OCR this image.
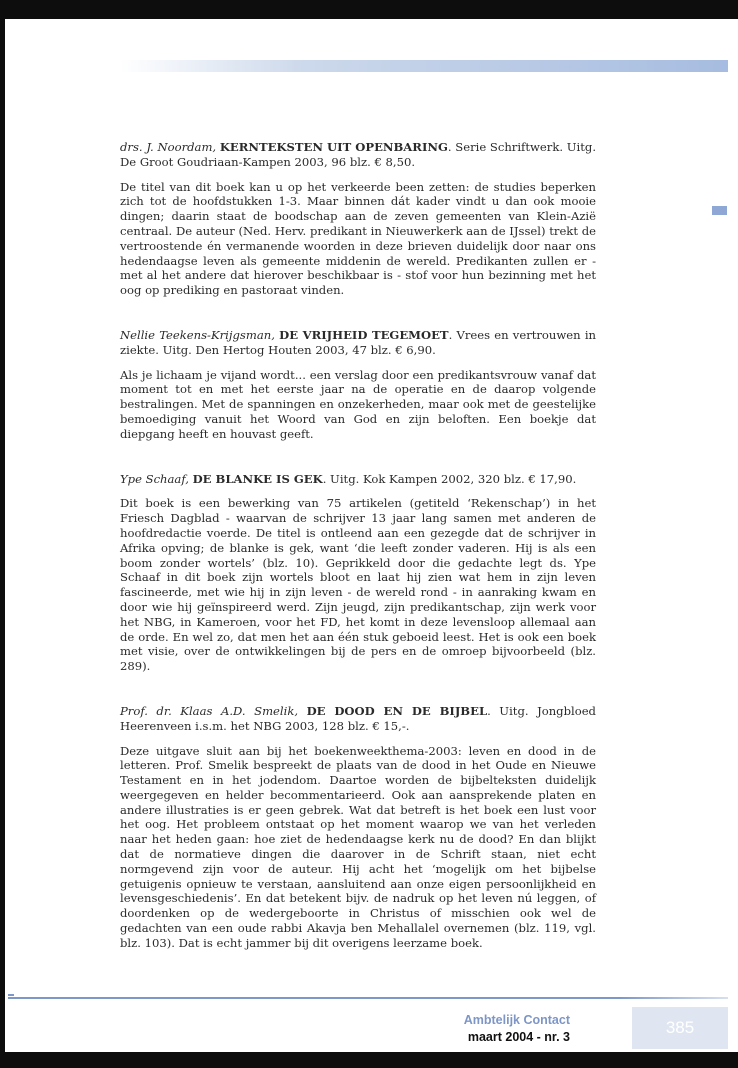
drs. J. Noordam, KERNTEKSTEN UIT OPENBARING. Serie Schriftwerk. Uitg. De Groot Goudriaan-Kampen 2003, 96 blz. € 8,50.

De titel van dit boek kan u op het verkeerde been zetten: de studies beperken zich tot de hoofdstukken 1-3. Maar binnen dát kader vindt u dan ook mooie dingen; daarin staat de boodschap aan de zeven gemeenten van Klein-Azië centraal. De auteur (Ned. Herv. predikant in Nieuwerkerk aan de IJssel) trekt de vertroostende én vermanende woorden in deze brieven duidelijk door naar ons hedendaagse leven als gemeente middenin de wereld. Predikanten zullen er - met al het andere dat hierover beschikbaar is - stof voor hun bezinning met het oog op prediking en pastoraat vinden.

Nellie Teekens-Krijgsman, DE VRIJHEID TEGEMOET. Vrees en vertrouwen in ziekte. Uitg. Den Hertog Houten 2003, 47 blz. € 6,90.

Als je lichaam je vijand wordt... een verslag door een predikantsvrouw vanaf dat moment tot en met het eerste jaar na de operatie en de daarop volgende bestralingen. Met de spanningen en onzekerheden, maar ook met de geestelijke bemoediging vanuit het Woord van God en zijn beloften. Een boekje dat diepgang heeft en houvast geeft.

Ype Schaaf, DE BLANKE IS GEK. Uitg. Kok Kampen 2002, 320 blz. € 17,90.

Dit boek is een bewerking van 75 artikelen (getiteld ‘Rekenschap’) in het Friesch Dagblad - waarvan de schrijver 13 jaar lang samen met anderen de hoofdredactie voerde. De titel is ontleend aan een gezegde dat de schrijver in Afrika opving; de blanke is gek, want ‘die leeft zonder vaderen. Hij is als een boom zonder wortels’ (blz. 10). Geprikkeld door die gedachte legt ds. Ype Schaaf in dit boek zijn wortels bloot en laat hij zien wat hem in zijn leven fascineerde, met wie hij in zijn leven - de wereld rond - in aanraking kwam en door wie hij geïnspireerd werd. Zijn jeugd, zijn predikantschap, zijn werk voor het NBG, in Kameroen, voor het FD, het komt in deze levensloop allemaal aan de orde. En wel zo, dat men het aan één stuk geboeid leest. Het is ook een boek met visie, over de ontwikkelingen bij de pers en de omroep bijvoorbeeld (blz. 289).

Prof. dr. Klaas A.D. Smelik, DE DOOD EN DE BIJBEL. Uitg. Jongbloed Heerenveen i.s.m. het NBG 2003, 128 blz. € 15,-.

Deze uitgave sluit aan bij het boekenweekthema-2003: leven en dood in de letteren. Prof. Smelik bespreekt de plaats van de dood in het Oude en Nieuwe Testament en in het jodendom. Daartoe worden de bijbelteksten duidelijk weergegeven en helder becommentarieerd. Ook aan aansprekende platen en andere illustraties is er geen gebrek. Wat dat betreft is het boek een lust voor het oog. Het probleem ontstaat op het moment waarop we van het verleden naar het heden gaan: hoe ziet de hedendaagse kerk nu de dood? En dan blijkt dat de normatieve dingen die daarover in de Schrift staan, niet echt normgevend zijn voor de auteur. Hij acht het ‘mogelijk om het bijbelse getuigenis opnieuw te verstaan, aansluitend aan onze eigen persoonlijkheid en levensgeschiedenis’. En dat betekent bijv. de nadruk op het leven nú leggen, of doordenken op de wedergeboorte in Christus of misschien ook wel de gedachten van een oude rabbi Akavja ben Mehallalel overnemen (blz. 119, vgl. blz. 103). Dat is echt jammer bij dit overigens leerzame boek.

Ambtelijk Contact
maart 2004 - nr. 3	385
